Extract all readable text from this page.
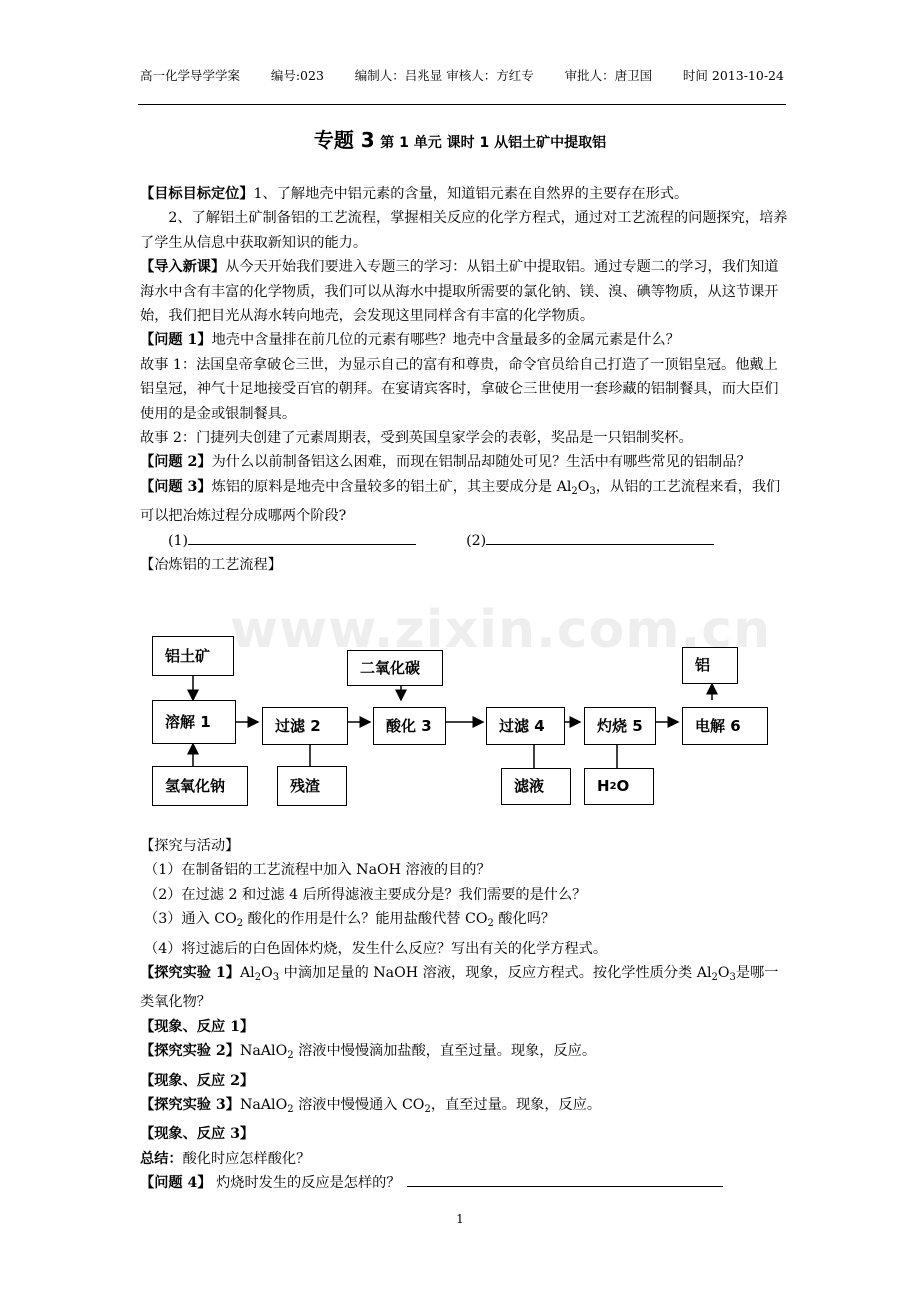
高一化学导学学案 编号:023 编制人：吕兆显 审核人：方红专 审批人：唐卫国 时间 2013-10-24
专题 3 第 1 单元 课时 1 从铝土矿中提取铝
www.zixin.com.cn

【目标目标定位】1、了解地壳中铝元素的含量，知道铝元素在自然界的主要存在形式。

2、了解铝土矿制备铝的工艺流程，掌握相关反应的化学方程式，通过对工艺流程的问题探究，培养了学生从信息中获取新知识的能力。

【导入新课】从今天开始我们要进入专题三的学习：从铝土矿中提取铝。通过专题二的学习，我们知道海水中含有丰富的化学物质，我们可以从海水中提取所需要的氯化钠、镁、溴、碘等物质，从这节课开始，我们把目光从海水转向地壳，会发现这里同样含有丰富的化学物质。

【问题 1】地壳中含量排在前几位的元素有哪些？地壳中含量最多的金属元素是什么？

故事 1：法国皇帝拿破仑三世，为显示自己的富有和尊贵，命令官员给自己打造了一顶铝皇冠。他戴上铝皇冠，神气十足地接受百官的朝拜。在宴请宾客时，拿破仑三世使用一套珍藏的铝制餐具，而大臣们使用的是金或银制餐具。

故事 2：门捷列夫创建了元素周期表，受到英国皇家学会的表彰，奖品是一只铝制奖杯。

【问题 2】为什么以前制备铝这么困难，而现在铝制品却随处可见？生活中有哪些常见的铝制品？

【问题 3】炼铝的原料是地壳中含量较多的铝土矿，其主要成分是 $Al_2O_3$，从铝的工艺流程来看，我们可以把冶炼过程分成哪两个阶段?

(1)	(2)

【冶炼铝的工艺流程】

铝土矿
溶解 1
氢氧化钠
过滤 2
残渣
二氧化碳
酸化 3	过滤 4
滤液
灼烧 5
H 2 O
铝
电解 6

【探究与活动】

（1）在制备铝的工艺流程中加入 NaOH 溶液的目的？

（2）在过滤 2 和过滤 4 后所得滤液主要成分是？我们需要的是什么？

（3）通入 $CO_2$ 酸化的作用是什么？能用盐酸代替 $CO_2$ 酸化吗？

（4）将过滤后的白色固体灼烧，发生什么反应？写出有关的化学方程式。

【探究实验 1】$Al_2O_3$ 中滴加足量的 NaOH 溶液，现象，反应方程式。按化学性质分类 $Al_2O_3$是哪一类氧化物？

【现象、反应 1】

【探究实验 2】NaAlO$_2$ 溶液中慢慢滴加盐酸，直至过量。现象，反应。

【现象、反应 2】

【探究实验 3】NaAlO$_2$ 溶液中慢慢通入 $CO_2$，直至过量。现象，反应。

【现象、反应 3】

总结：酸化时应怎样酸化？

【问题 4】 灼烧时发生的反应是怎样的？

1
